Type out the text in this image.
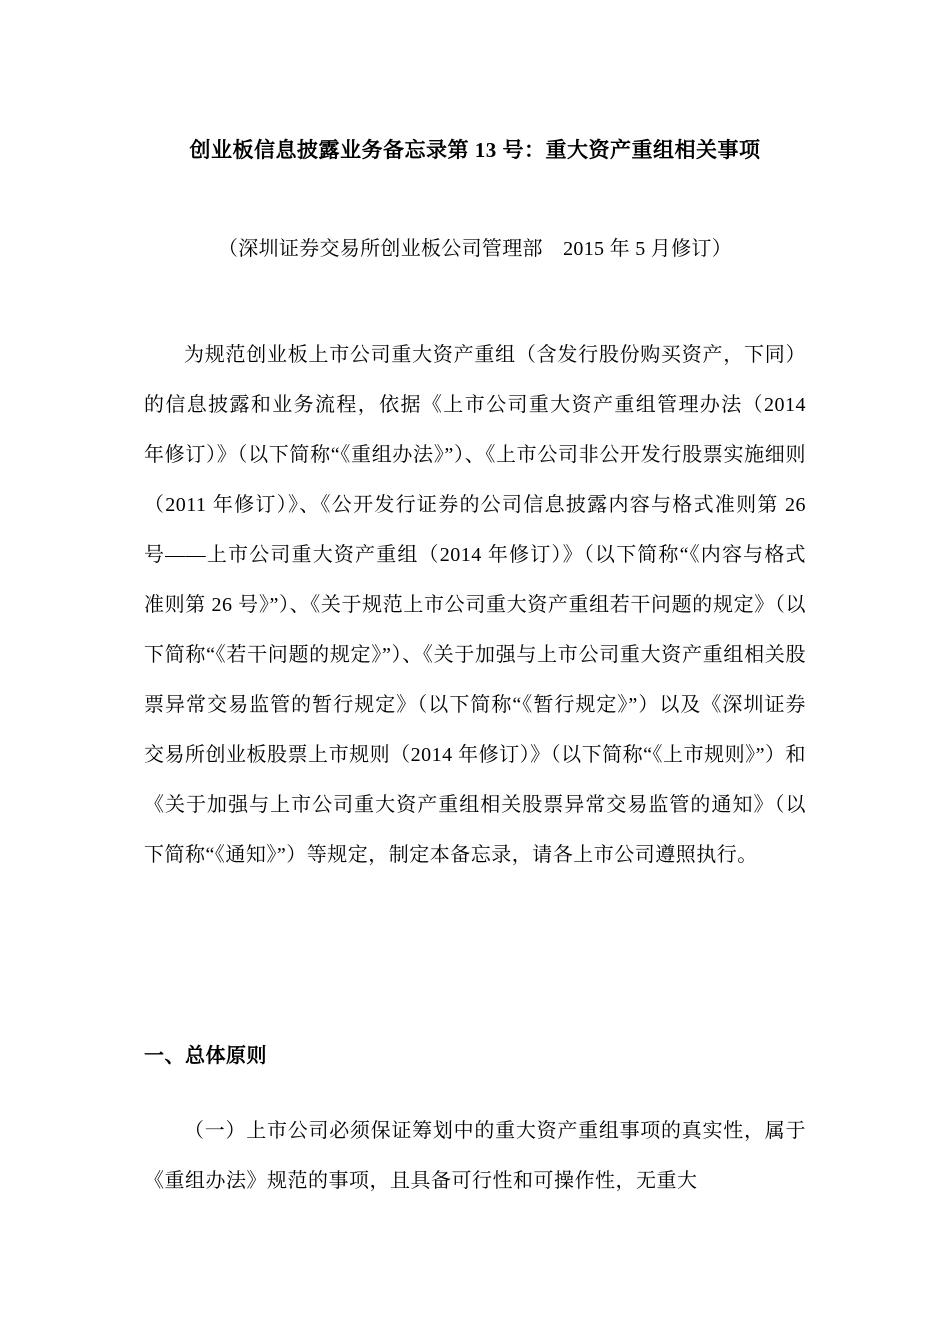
创业板信息披露业务备忘录第 13 号：重大资产重组相关事项
（深圳证券交易所创业板公司管理部　2015 年 5 月修订）

为规范创业板上市公司重大资产重组（含发行股份购买资产，下同）的信息披露和业务流程，依据《上市公司重大资产重组管理办法（2014 年修订）》（以下简称“《重组办法》”）、《上市公司非公开发行股票实施细则（2011 年修订）》、《公开发行证券的公司信息披露内容与格式准则第 26 号——上市公司重大资产重组（2014 年修订）》（以下简称“《内容与格式准则第 26 号》”）、《关于规范上市公司重大资产重组若干问题的规定》（以下简称“《若干问题的规定》”）、《关于加强与上市公司重大资产重组相关股票异常交易监管的暂行规定》（以下简称“《暂行规定》”）以及《深圳证券交易所创业板股票上市规则（2014 年修订）》（以下简称“《上市规则》”）和《关于加强与上市公司重大资产重组相关股票异常交易监管的通知》（以下简称“《通知》”）等规定，制定本备忘录，请各上市公司遵照执行。

一、总体原则

（一）上市公司必须保证筹划中的重大资产重组事项的真实性，属于《重组办法》规范的事项，且具备可行性和可操作性，无重大
